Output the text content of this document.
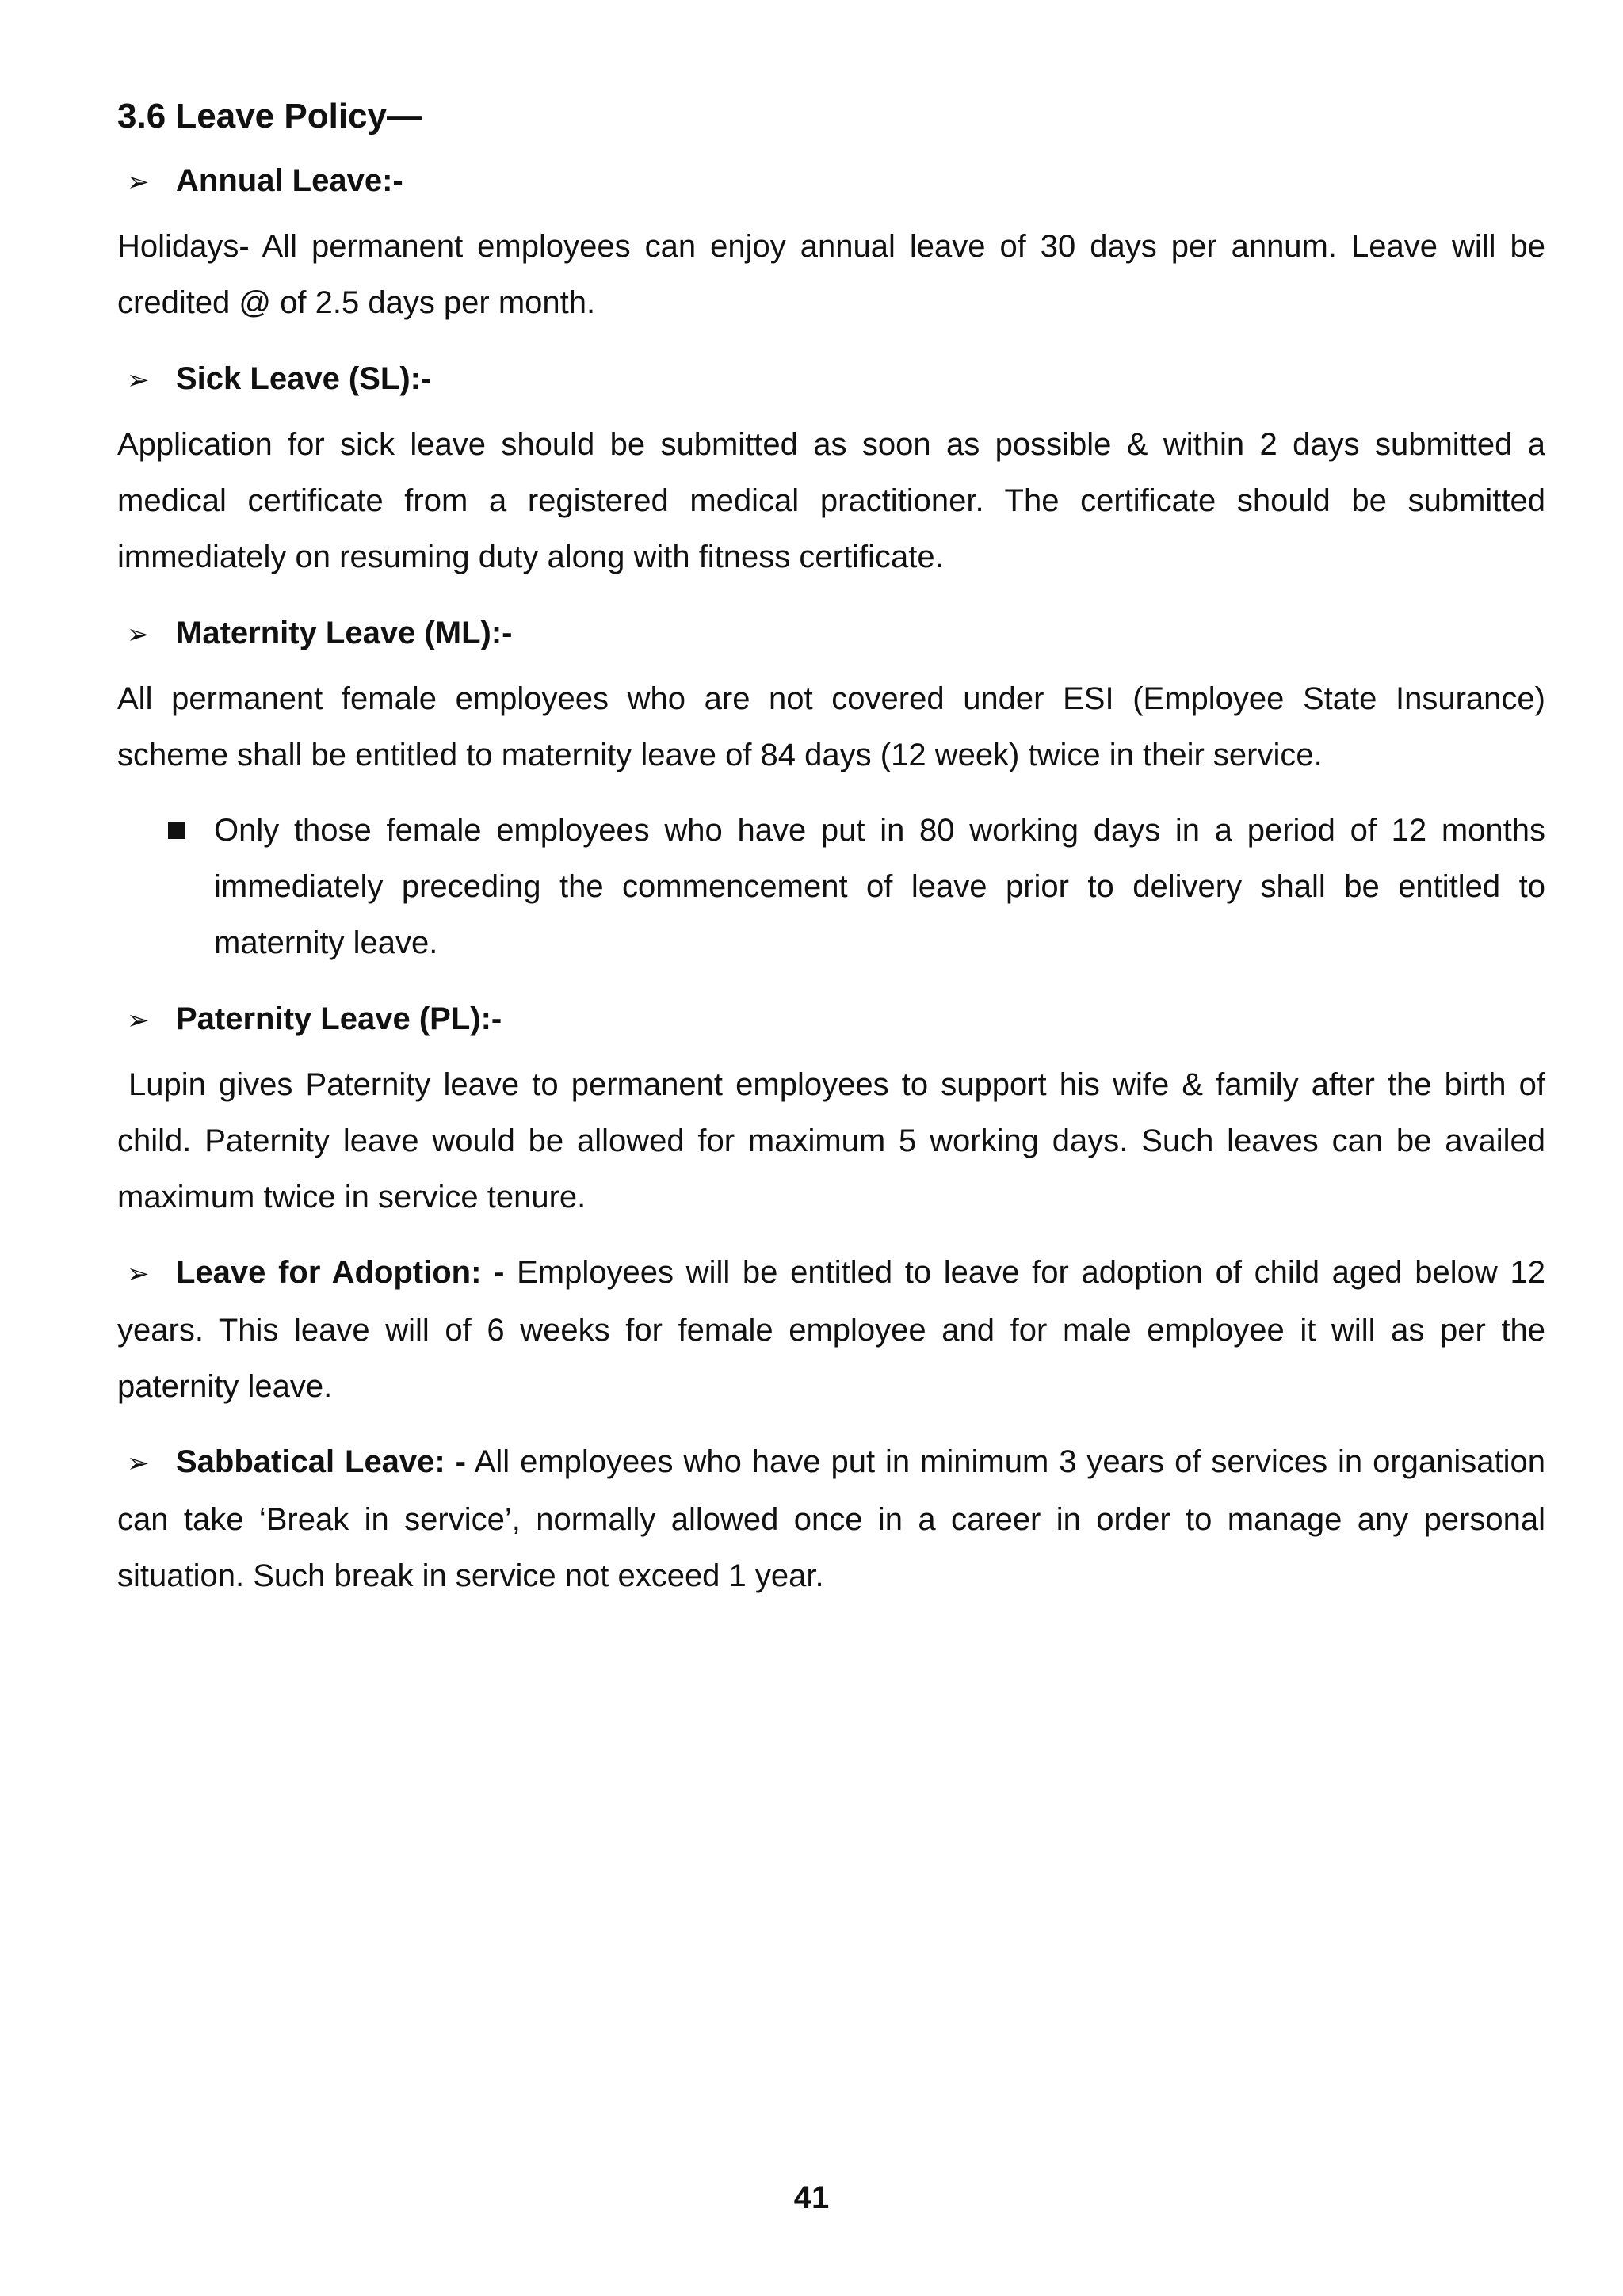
3.6 Leave Policy—
➢ Annual Leave:-

Holidays- All permanent employees can enjoy annual leave of 30 days per annum. Leave will be credited @ of 2.5 days per month.

➢ Sick Leave (SL):-

Application for sick leave should be submitted as soon as possible & within 2 days submitted a medical certificate from a registered medical practitioner. The certificate should be submitted immediately on resuming duty along with fitness certificate.

➢ Maternity Leave (ML):-

All permanent female employees who are not covered under ESI (Employee State Insurance) scheme shall be entitled to maternity leave of 84 days (12 week) twice in their service.

Only those female employees who have put in 80 working days in a period of 12 months immediately preceding the commencement of leave prior to delivery shall be entitled to maternity leave.
➢ Paternity Leave (PL):-

Lupin gives Paternity leave to permanent employees to support his wife & family after the birth of child. Paternity leave would be allowed for maximum 5 working days. Such leaves can be availed maximum twice in service tenure.

➢ Leave for Adoption: - Employees will be entitled to leave for adoption of child aged below 12 years. This leave will of 6 weeks for female employee and for male employee it will as per the paternity leave.

➢ Sabbatical Leave: - All employees who have put in minimum 3 years of services in organisation can take ‘Break in service’, normally allowed once in a career in order to manage any personal situation. Such break in service not exceed 1 year.

41
